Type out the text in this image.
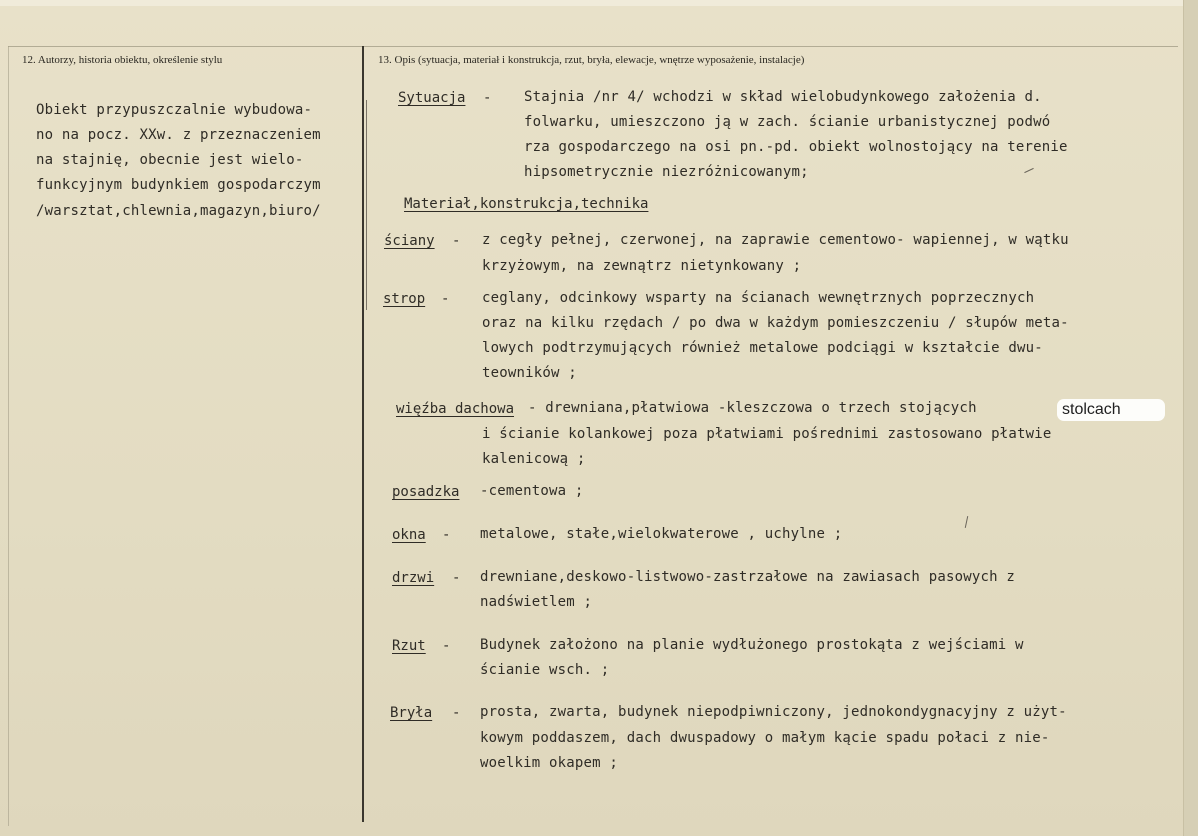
12. Autorzy, historia obiektu, określenie stylu	13. Opis (sytuacja, materiał i konstrukcja, rzut, bryła, elewacje, wnętrze wyposażenie, instalacje)
Obiekt przypuszczalnie wybudowa-
no na pocz. XXw. z przeznaczeniem
na stajnię, obecnie jest wielo-
funkcyjnym budynkiem gospodarczym
/warsztat,chlewnia,magazyn,biuro/
Sytuacja - Stajnia /nr 4/ wchodzi w skład wielobudynkowego założenia d.
folwarku, umieszczono ją w zach. ścianie urbanistycznej podwó
rza gospodarczego na osi pn.-pd. obiekt wolnostojący na terenie
hipsometrycznie niezróżnicowanym;
Materiał,konstrukcja,technika
ściany - z cegły pełnej, czerwonej, na zaprawie cementowo- wapiennej, w wątku
krzyżowym, na zewnątrz nietynkowany ;
strop - ceglany, odcinkowy wsparty na ścianach wewnętrznych poprzecznych
oraz na kilku rzędach / po dwa w każdym pomieszczeniu / słupów meta-
lowych podtrzymujących również metalowe podciągi w kształcie dwu-
teowników ;
więźba dachowa - drewniana,płatwiowa -kleszczowa o trzech stojących	stolcach
i ścianie kolankowej poza płatwiami pośrednimi zastosowano płatwie
kalenicową ;
posadzka -cementowa ;
okna - metalowe, stałe,wielokwaterowe , uchylne ;
drzwi - drewniane,deskowo-listwowo-zastrzałowe na zawiasach pasowych z
nadświetlem ;
Rzut - Budynek założono na planie wydłużonego prostokąta z wejściami w
ścianie wsch. ;
Bryła - prosta, zwarta, budynek niepodpiwniczony, jednokondygnacyjny z użyt-
kowym poddaszem, dach dwuspadowy o małym kącie spadu połaci z nie-
woelkim okapem ;
